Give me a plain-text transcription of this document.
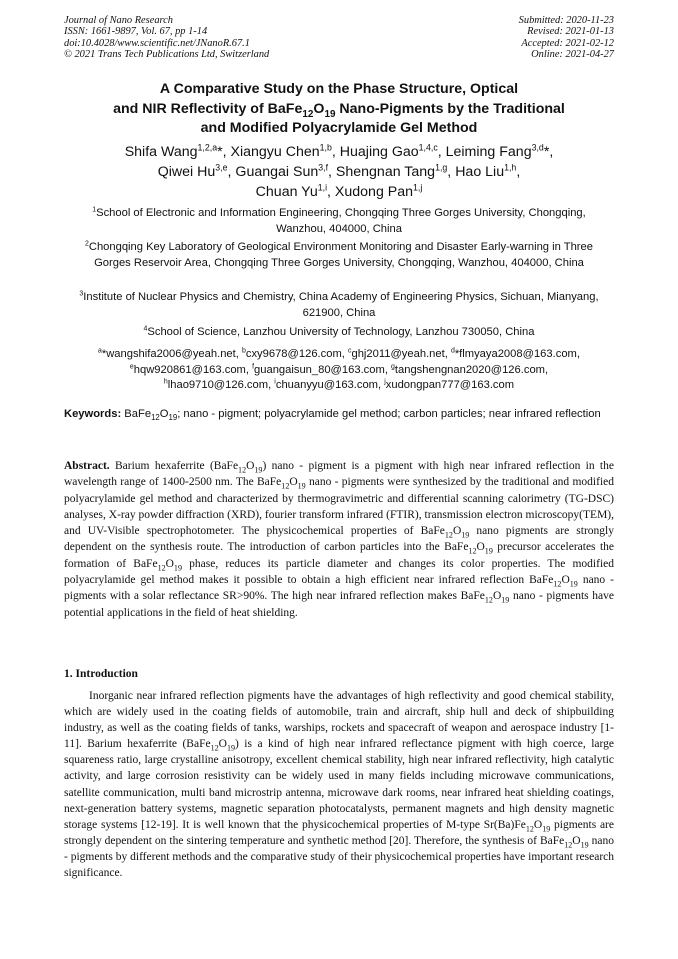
Journal of Nano Research
ISSN: 1661-9897, Vol. 67, pp 1-14
doi:10.4028/www.scientific.net/JNanoR.67.1
© 2021 Trans Tech Publications Ltd, Switzerland
Submitted: 2020-11-23
Revised: 2021-01-13
Accepted: 2021-02-12
Online: 2021-04-27
A Comparative Study on the Phase Structure, Optical
and NIR Reflectivity of $BaFe_{12}O_{19}$ Nano-Pigments by the Traditional
and Modified Polyacrylamide Gel Method
Shifa Wang$^{1,2,a}$*, Xiangyu Chen$^{1,b}$, Huajing Gao$^{1,4,c}$, Leiming Fang$^{3,d}$*,
Qiwei Hu$^{3,e}$, Guangai Sun$^{3,f}$, Shengnan Tang$^{1,g}$, Hao Liu$^{1,h}$,
Chuan Yu$^{1,i}$, Xudong Pan$^{1,j}$
$^1$School of Electronic and Information Engineering, Chongqing Three Gorges University, Chongqing, Wanzhou, 404000, China
$^2$Chongqing Key Laboratory of Geological Environment Monitoring and Disaster Early-warning in Three Gorges Reservoir Area, Chongqing Three Gorges University, Chongqing, Wanzhou, 404000, China
$^3$Institute of Nuclear Physics and Chemistry, China Academy of Engineering Physics, Sichuan, Mianyang, 621900, China
$^4$School of Science, Lanzhou University of Technology, Lanzhou 730050, China
$^a$*wangshifa2006@yeah.net, $^b$cxy9678@126.com, $^c$ghj2011@yeah.net, $^d$*flmyaya2008@163.com,
$^e$hqw920861@163.com, $^f$guangaisun_80@163.com, $^g$tangshengnan2020@126.com,
$^h$lhao9710@126.com, $^i$chuanyyu@163.com, $^j$xudongpan777@163.com
Keywords: $BaFe_{12}O_{19}$; nano - pigment; polyacrylamide gel method; carbon particles; near infrared reflection
Abstract. Barium hexaferrite $(BaFe_{12}O_{19})$ nano - pigment is a pigment with high near infrared reflection in the wavelength range of 1400-2500 nm. The $BaFe_{12}O_{19}$ nano - pigments were synthesized by the traditional and modified polyacrylamide gel method and characterized by thermogravimetric and differential scanning calorimetry (TG-DSC) analyses, X-ray powder diffraction (XRD), fourier transform infrared (FTIR), transmission electron microscopy(TEM), and UV-Visible spectrophotometer. The physicochemical properties of $BaFe_{12}O_{19}$ nano pigments are strongly dependent on the synthesis route. The introduction of carbon particles into the $BaFe_{12}O_{19}$ precursor accelerates the formation of $BaFe_{12}O_{19}$ phase, reduces its particle diameter and changes its color properties. The modified polyacrylamide gel method makes it possible to obtain a high efficient near infrared reflection $BaFe_{12}O_{19}$ nano - pigments with a solar reflectance SR>90%. The high near infrared reflection makes $BaFe_{12}O_{19}$ nano - pigments have potential applications in the field of heat shielding.
1. Introduction
Inorganic near infrared reflection pigments have the advantages of high reflectivity and good chemical stability, which are widely used in the coating fields of automobile, train and aircraft, ship hull and deck of shipbuilding industry, as well as the coating fields of tanks, warships, rockets and spacecraft of weapon and aerospace industry [1-11]. Barium hexaferrite $(BaFe_{12}O_{19})$ is a kind of high near infrared reflectance pigment with high coerce, large squareness ratio, large crystalline anisotropy, excellent chemical stability, high near infrared reflectivity, high catalytic activity, and large corrosion resistivity can be widely used in many fields including microwave communications, satellite communication, multi band microstrip antenna, microwave dark rooms, near infrared heat shielding coatings, next-generation battery systems, magnetic separation photocatalysts, permanent magnets and high density magnetic storage systems [12-19]. It is well known that the physicochemical properties of M-type $Sr(Ba)Fe_{12}O_{19}$ pigments are strongly dependent on the sintering temperature and synthetic method [20]. Therefore, the synthesis of $BaFe_{12}O_{19}$ nano - pigments by different methods and the comparative study of their physicochemical properties have important research significance.
